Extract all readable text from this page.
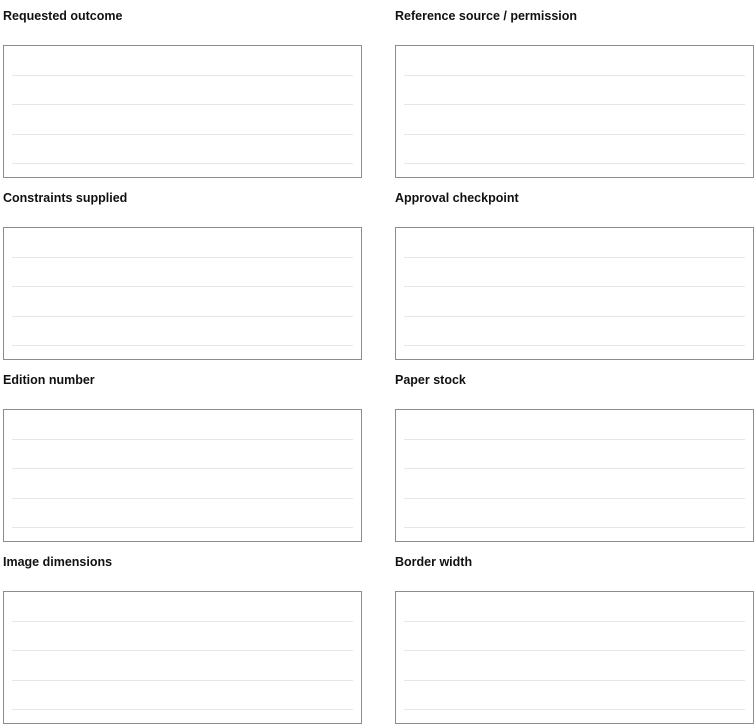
Requested outcome	Reference source / permission
Constraints supplied	Approval checkpoint
Edition number	Paper stock
Image dimensions	Border width
